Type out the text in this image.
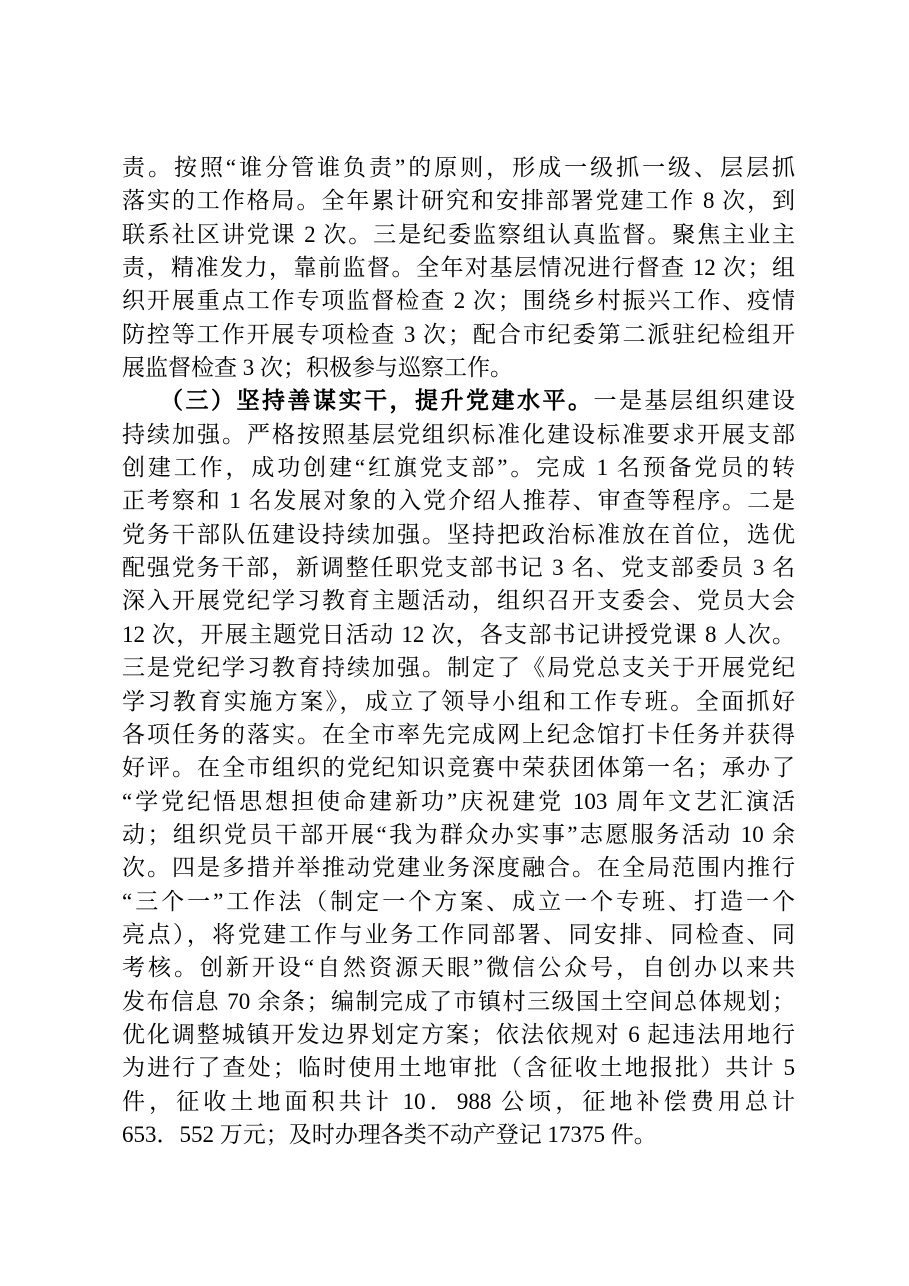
责。按照“谁分管谁负责”的原则，形成一级抓一级、层层抓
落实的工作格局。全年累计研究和安排部署党建工作 8 次，到
联系社区讲党课 2 次。三是纪委监察组认真监督。聚焦主业主
责，精准发力，靠前监督。全年对基层情况进行督查 12 次；组
织开展重点工作专项监督检查 2 次；围绕乡村振兴工作、疫情
防控等工作开展专项检查 3 次；配合市纪委第二派驻纪检组开
展监督检查 3 次；积极参与巡察工作。
（三）坚持善谋实干，提升党建水平。一是基层组织建设
持续加强。严格按照基层党组织标准化建设标准要求开展支部
创建工作，成功创建“红旗党支部”。完成 1 名预备党员的转
正考察和 1 名发展对象的入党介绍人推荐、审查等程序。二是
党务干部队伍建设持续加强。坚持把政治标准放在首位，选优
配强党务干部，新调整任职党支部书记 3 名、党支部委员 3 名
深入开展党纪学习教育主题活动，组织召开支委会、党员大会
12 次，开展主题党日活动 12 次，各支部书记讲授党课 8 人次。
三是党纪学习教育持续加强。制定了《局党总支关于开展党纪
学习教育实施方案》，成立了领导小组和工作专班。全面抓好
各项任务的落实。在全市率先完成网上纪念馆打卡任务并获得
好评。在全市组织的党纪知识竞赛中荣获团体第一名；承办了
“学党纪悟思想担使命建新功”庆祝建党 103 周年文艺汇演活
动；组织党员干部开展“我为群众办实事”志愿服务活动 10 余
次。四是多措并举推动党建业务深度融合。在全局范围内推行
“三个一”工作法（制定一个方案、成立一个专班、打造一个
亮点），将党建工作与业务工作同部署、同安排、同检查、同
考核。创新开设“自然资源天眼”微信公众号，自创办以来共
发布信息 70 余条；编制完成了市镇村三级国土空间总体规划；
优化调整城镇开发边界划定方案；依法依规对 6 起违法用地行
为进行了查处；临时使用土地审批（含征收土地报批）共计 5
件，征收土地面积共计 10．988 公顷，征地补偿费用总计
653．552 万元；及时办理各类不动产登记 17375 件。
